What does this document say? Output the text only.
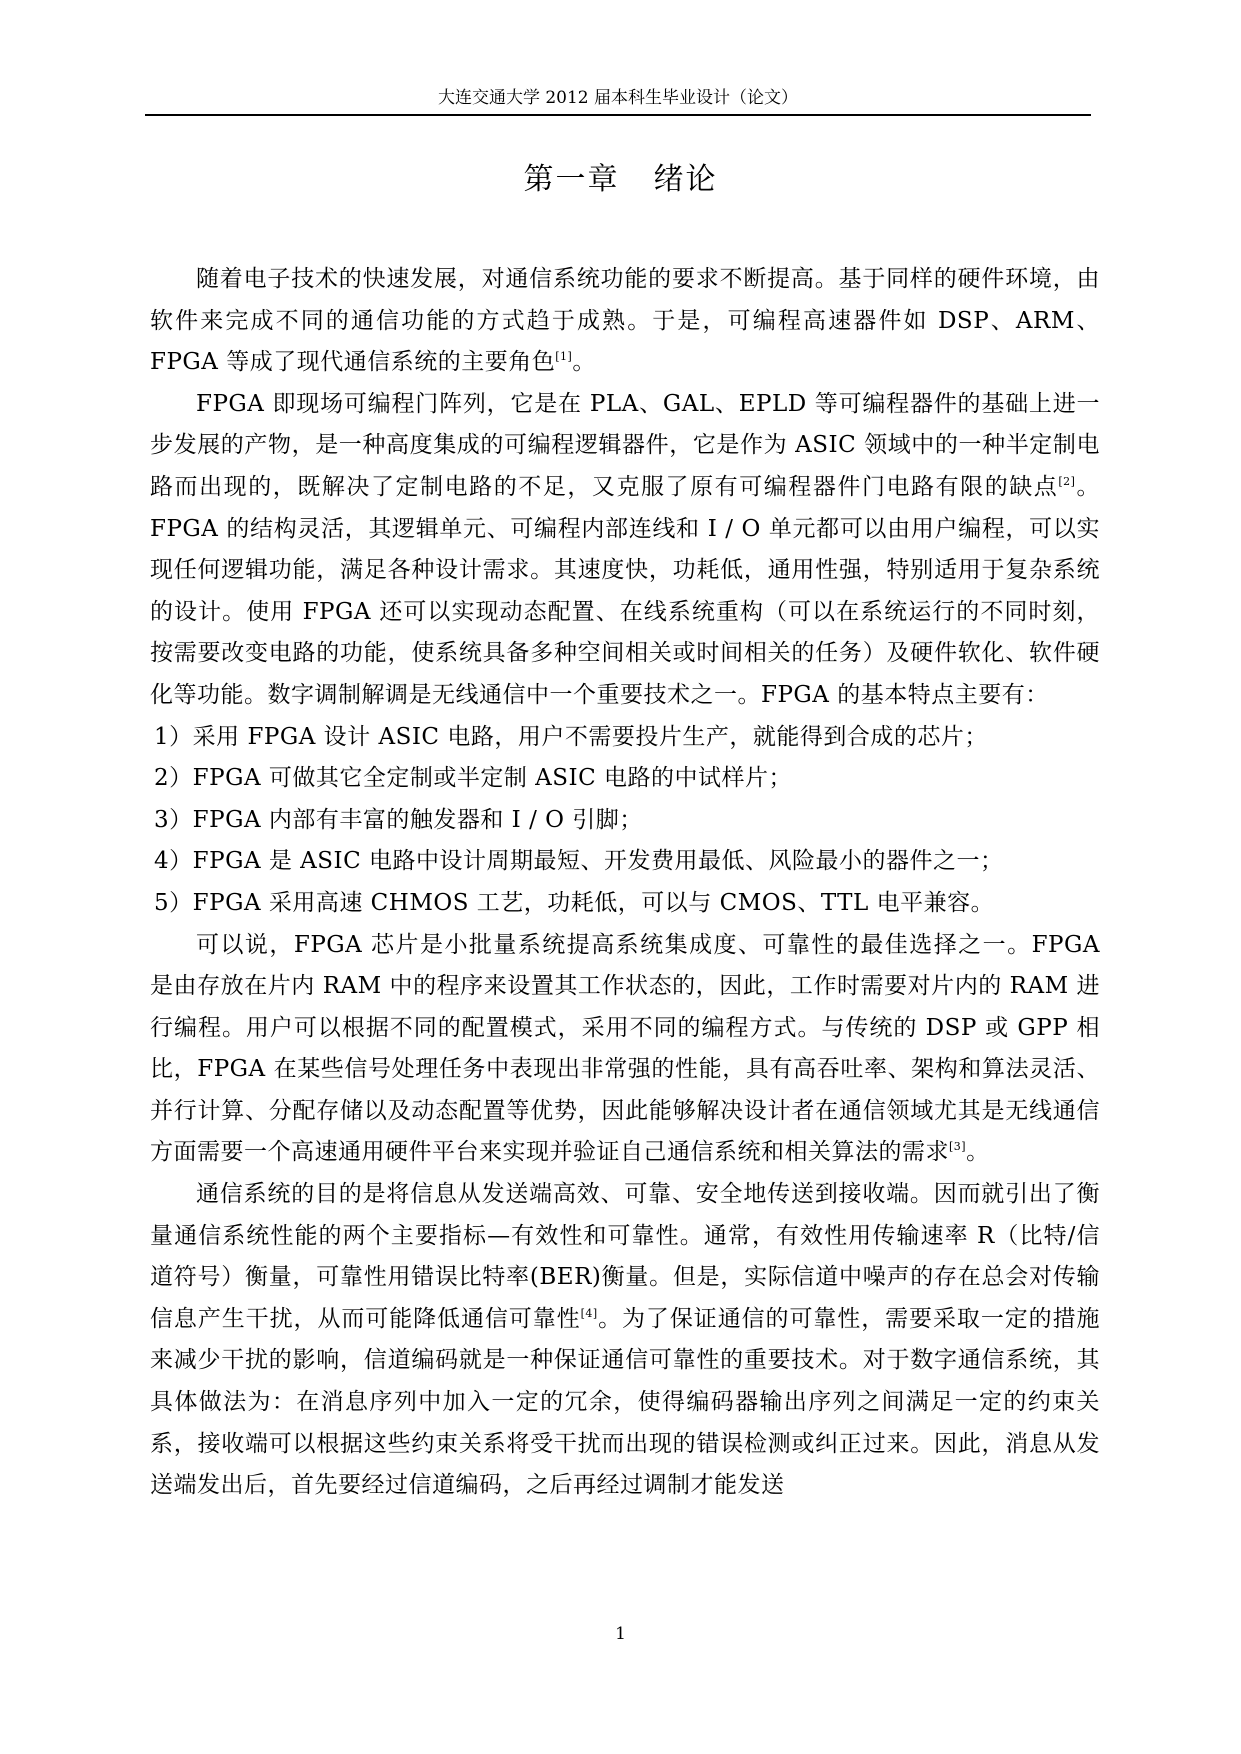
大连交通大学 2012 届本科生毕业设计（论文）
第一章 绪论

随着电子技术的快速发展，对通信系统功能的要求不断提高。基于同样的硬件环境，由软件来完成不同的通信功能的方式趋于成熟。于是，可编程高速器件如 DSP、ARM、FPGA 等成了现代通信系统的主要角色[1]。

FPGA 即现场可编程门阵列，它是在 PLA、GAL、EPLD 等可编程器件的基础上进一步发展的产物，是一种高度集成的可编程逻辑器件，它是作为 ASIC 领域中的一种半定制电路而出现的，既解决了定制电路的不足，又克服了原有可编程器件门电路有限的缺点[2]。FPGA 的结构灵活，其逻辑单元、可编程内部连线和 I / O 单元都可以由用户编程，可以实现任何逻辑功能，满足各种设计需求。其速度快，功耗低，通用性强，特别适用于复杂系统的设计。使用 FPGA 还可以实现动态配置、在线系统重构（可以在系统运行的不同时刻，按需要改变电路的功能，使系统具备多种空间相关或时间相关的任务）及硬件软化、软件硬化等功能。数字调制解调是无线通信中一个重要技术之一。FPGA 的基本特点主要有：

1）采用 FPGA 设计 ASIC 电路，用户不需要投片生产，就能得到合成的芯片；

2）FPGA 可做其它全定制或半定制 ASIC 电路的中试样片；

3）FPGA 内部有丰富的触发器和 I / O 引脚；

4）FPGA 是 ASIC 电路中设计周期最短、开发费用最低、风险最小的器件之一；

5）FPGA 采用高速 CHMOS 工艺，功耗低，可以与 CMOS、TTL 电平兼容。

可以说，FPGA 芯片是小批量系统提高系统集成度、可靠性的最佳选择之一。FPGA 是由存放在片内 RAM 中的程序来设置其工作状态的，因此，工作时需要对片内的 RAM 进行编程。用户可以根据不同的配置模式，采用不同的编程方式。与传统的 DSP 或 GPP 相比，FPGA 在某些信号处理任务中表现出非常强的性能，具有高吞吐率、架构和算法灵活、并行计算、分配存储以及动态配置等优势，因此能够解决设计者在通信领域尤其是无线通信方面需要一个高速通用硬件平台来实现并验证自己通信系统和相关算法的需求[3]。

通信系统的目的是将信息从发送端高效、可靠、安全地传送到接收端。因而就引出了衡量通信系统性能的两个主要指标—有效性和可靠性。通常，有效性用传输速率 R（比特/信道符号）衡量，可靠性用错误比特率(BER)衡量。但是，实际信道中噪声的存在总会对传输信息产生干扰，从而可能降低通信可靠性[4]。为了保证通信的可靠性，需要采取一定的措施来减少干扰的影响，信道编码就是一种保证通信可靠性的重要技术。对于数字通信系统，其具体做法为：在消息序列中加入一定的冗余，使得编码器输出序列之间满足一定的约束关系，接收端可以根据这些约束关系将受干扰而出现的错误检测或纠正过来。因此，消息从发送端发出后，首先要经过信道编码，之后再经过调制才能发送

1
